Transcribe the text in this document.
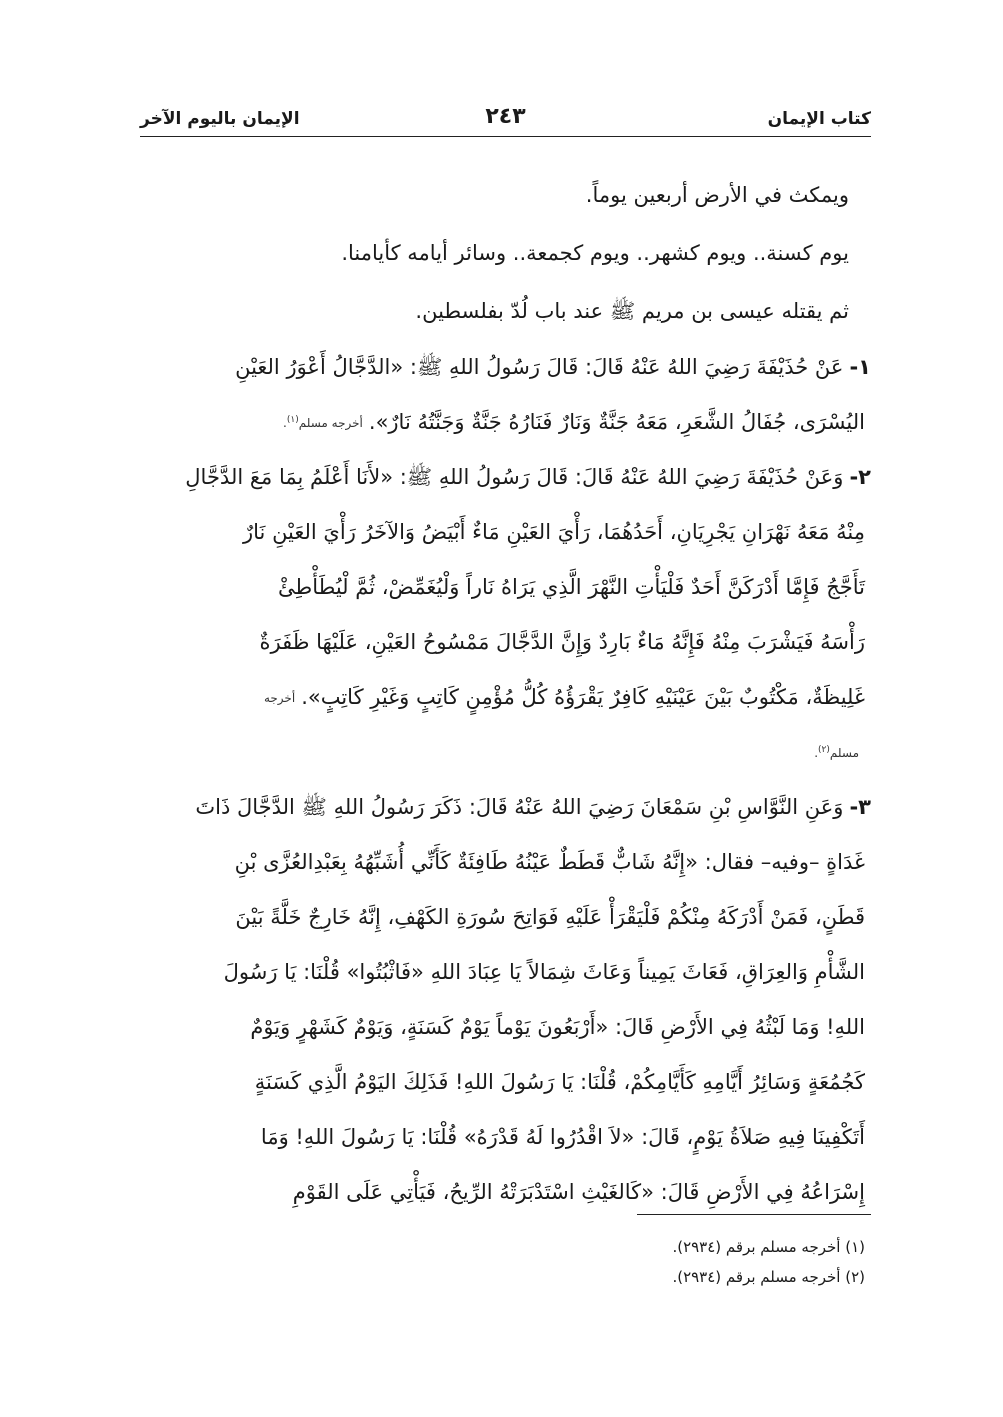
كتاب الإيمان
٢٤٣
الإيمان باليوم الآخر
ويمكث في الأرض أربعين يوماً.
يوم كسنة.. ويوم كشهر.. ويوم كجمعة.. وسائر أيامه كأيامنا.
ثم يقتله عيسى بن مريم ﷺ عند باب لُدّ بفلسطين.
١-
عَنْ حُذَيْفَةَ رَضِيَ اللهُ عَنْهُ قَالَ: قَالَ رَسُولُ اللهِ ﷺ: «الدَّجَّالُ أَعْوَرُ العَيْنِ
اليُسْرَى، جُفَالُ الشَّعَرِ، مَعَهُ جَنَّةٌ وَنَارٌ فَنَارُهُ جَنَّةٌ وَجَنَّتُهُ نَارٌ».
أخرجه مسلم$^{(١)}$.
٢-
وَعَنْ حُذَيْفَةَ رَضِيَ اللهُ عَنْهُ قَالَ: قَالَ رَسُولُ اللهِ ﷺ: «لأَنَا أَعْلَمُ بِمَا مَعَ الدَّجَّالِ
مِنْهُ مَعَهُ نَهْرَانِ يَجْرِيَانِ، أَحَدُهُمَا، رَأْيَ العَيْنِ مَاءٌ أَبْيَضُ وَالآخَرُ رَأْيَ العَيْنِ نَارٌ
تَأَجَّجُ فَإِمَّا أَدْرَكَنَّ أَحَدٌ فَلْيَأْتِ النَّهْرَ الَّذِي يَرَاهُ نَاراً وَلْيُغَمِّضْ، ثُمَّ لْيُطَأْطِئْ
رَأْسَهُ فَيَشْرَبَ مِنْهُ فَإِنَّهُ مَاءٌ بَارِدٌ وَإِنَّ الدَّجَّالَ مَمْسُوحُ العَيْنِ، عَلَيْهَا ظَفَرَةٌ
غَلِيظَةٌ، مَكْتُوبٌ بَيْنَ عَيْنَيْهِ كَافِرٌ يَقْرَؤُهُ كُلُّ مُؤْمِنٍ كَاتِبٍ وَغَيْرِ كَاتِبٍ».
أخرجه
مسلم$^{(٢)}$.
٣-
وَعَنِ النَّوَّاسِ بْنِ سَمْعَانَ رَضِيَ اللهُ عَنْهُ قَالَ: ذَكَرَ رَسُولُ اللهِ ﷺ الدَّجَّالَ ذَاتَ
غَدَاةٍ –وفيه– فقال: «إِنَّهُ شَابٌّ قَطَطٌ عَيْنُهُ طَافِئَةٌ كَأَنِّي أُشَبِّهُهُ بِعَبْدِالعُزَّى بْنِ
قَطَنٍ، فَمَنْ أَدْرَكَهُ مِنْكُمْ فَلْيَقْرَأْ عَلَيْهِ فَوَاتِحَ سُورَةِ الكَهْفِ، إِنَّهُ خَارِجٌ خَلَّةً بَيْنَ
الشَّأْمِ وَالعِرَاقِ، فَعَاثَ يَمِيناً وَعَاثَ شِمَالاً يَا عِبَادَ اللهِ «فَاثْبُتُوا» قُلْنَا: يَا رَسُولَ
اللهِ! وَمَا لَبْثُهُ فِي الأَرْضِ قَالَ: «أَرْبَعُونَ يَوْماً يَوْمٌ كَسَنَةٍ، وَيَوْمٌ كَشَهْرٍ وَيَوْمٌ
كَجُمُعَةٍ وَسَائِرُ أَيَّامِهِ كَأَيَّامِكُمْ، قُلْنَا: يَا رَسُولَ اللهِ! فَذَلِكَ اليَوْمُ الَّذِي كَسَنَةٍ
أَتَكْفِينَا فِيهِ صَلاَةُ يَوْمٍ، قَالَ: «لاَ اقْدُرُوا لَهُ قَدْرَهُ» قُلْنَا: يَا رَسُولَ اللهِ! وَمَا
إِسْرَاعُهُ فِي الأَرْضِ قَالَ: «كَالغَيْثِ اسْتَدْبَرَتْهُ الرِّيحُ، فَيَأْتِي عَلَى القَوْمِ
(١) أخرجه مسلم برقم (٢٩٣٤).
(٢) أخرجه مسلم برقم (٢٩٣٤).
